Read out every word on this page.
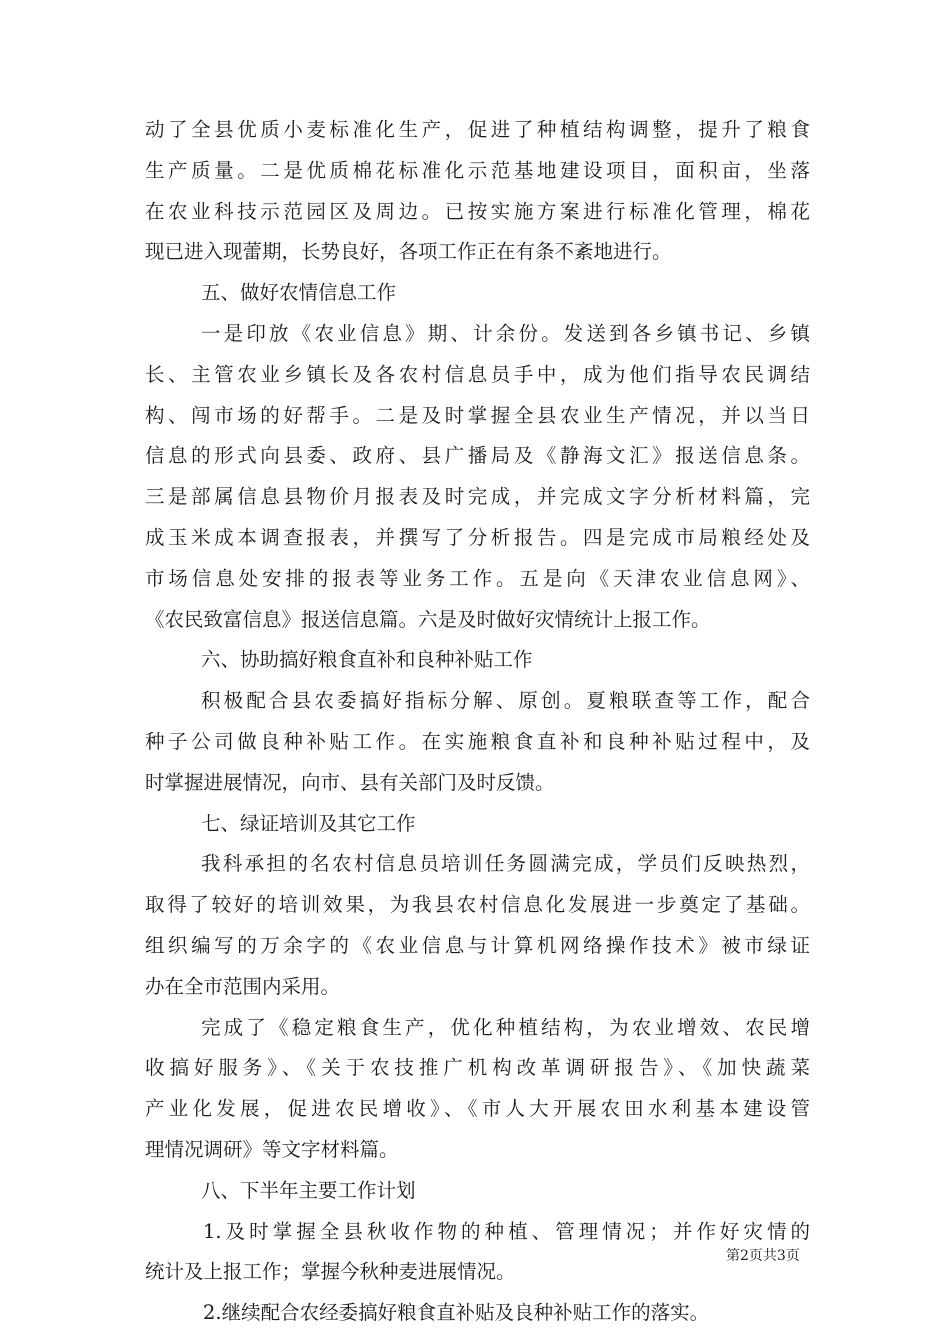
动了全县优质小麦标准化生产，促进了种植结构调整，提升了粮食
生产质量。二是优质棉花标准化示范基地建设项目，面积亩，坐落
在农业科技示范园区及周边。已按实施方案进行标准化管理，棉花
现已进入现蕾期，长势良好，各项工作正在有条不紊地进行。
五、做好农情信息工作
一是印放《农业信息》期、计余份。发送到各乡镇书记、乡镇
长、主管农业乡镇长及各农村信息员手中，成为他们指导农民调结
构、闯市场的好帮手。二是及时掌握全县农业生产情况，并以当日
信息的形式向县委、政府、县广播局及《静海文汇》报送信息条。
三是部属信息县物价月报表及时完成，并完成文字分析材料篇，完
成玉米成本调查报表，并撰写了分析报告。四是完成市局粮经处及
市场信息处安排的报表等业务工作。五是向《天津农业信息网》、
《农民致富信息》报送信息篇。六是及时做好灾情统计上报工作。
六、协助搞好粮食直补和良种补贴工作
积极配合县农委搞好指标分解、原创。夏粮联查等工作，配合
种子公司做良种补贴工作。在实施粮食直补和良种补贴过程中，及
时掌握进展情况，向市、县有关部门及时反馈。
七、绿证培训及其它工作
我科承担的名农村信息员培训任务圆满完成，学员们反映热烈，
取得了较好的培训效果，为我县农村信息化发展进一步奠定了基础。
组织编写的万余字的《农业信息与计算机网络操作技术》被市绿证
办在全市范围内采用。
完成了《稳定粮食生产，优化种植结构，为农业增效、农民增
收搞好服务》、《关于农技推广机构改革调研报告》、《加快蔬菜
产业化发展，促进农民增收》、《市人大开展农田水利基本建设管
理情况调研》等文字材料篇。
八、下半年主要工作计划
1.及时掌握全县秋收作物的种植、管理情况；并作好灾情的
统计及上报工作；掌握今秋种麦进展情况。
2.继续配合农经委搞好粮食直补贴及良种补贴工作的落实。
第2页共3页
